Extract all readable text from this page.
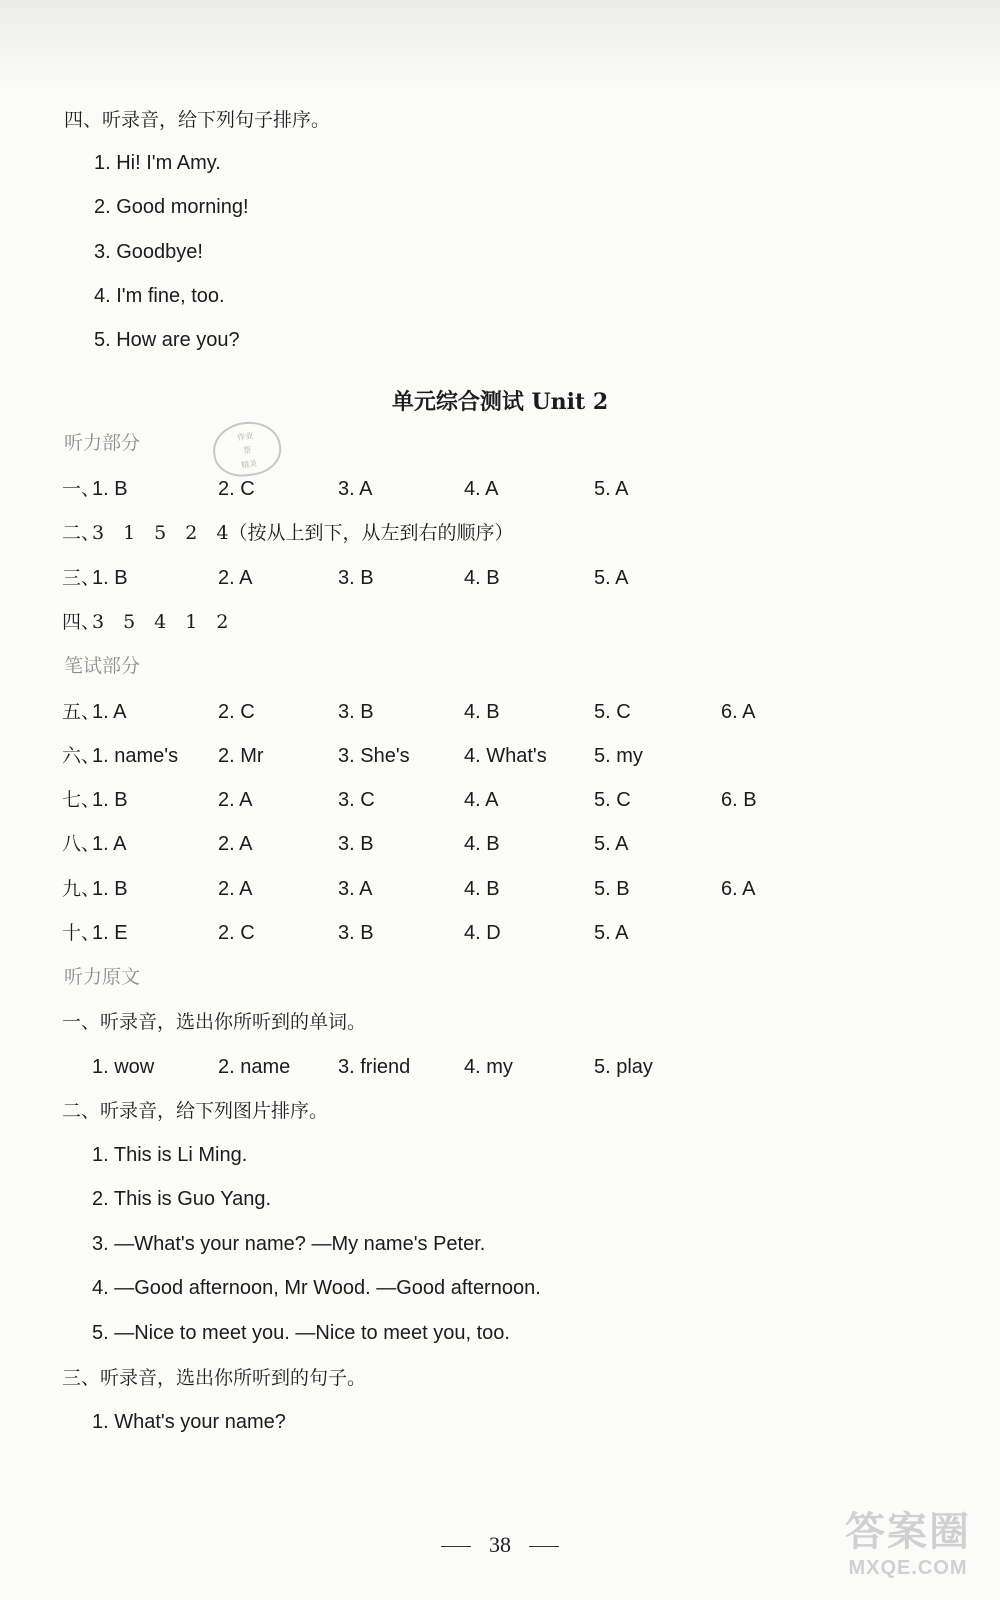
四、听录音，给下列句子排序。
1. Hi! I'm Amy.
2. Good morning!
3. Goodbye!
4. I'm fine, too.
5. How are you?
单元综合测试 Unit 2
听力部分	作业
帮
精灵
一、
1. B	2. C	3. A	4. A	5. A
二、
3　1　5　2　4（按从上到下，从左到右的顺序）
三、
1. B	2. A	3. B	4. B	5. A
四、
3　5　4　1　2
笔试部分
五、
1. A	2. C	3. B	4. B	5. C	6. A
六、
1. name's 2. Mr	3. She's	4. What's 5. my
七、
1. B	2. A	3. C	4. A	5. C	6. B
八、
1. A	2. A	3. B	4. B	5. A
九、
1. B	2. A	3. A	4. B	5. B	6. A
十、
1. E	2. C	3. B	4. D	5. A
听力原文
一、听录音，选出你所听到的单词。
1. wow	2. name 3. friend	4. my	5. play
二、听录音，给下列图片排序。
1. This is Li Ming.
2. This is Guo Yang.
3. —What's your name? —My name's Peter.
4. —Good afternoon, Mr Wood. —Good afternoon.
5. —Nice to meet you. —Nice to meet you, too.
三、听录音，选出你所听到的句子。
1. What's your name?
38	答案圈
MXQE.COM
